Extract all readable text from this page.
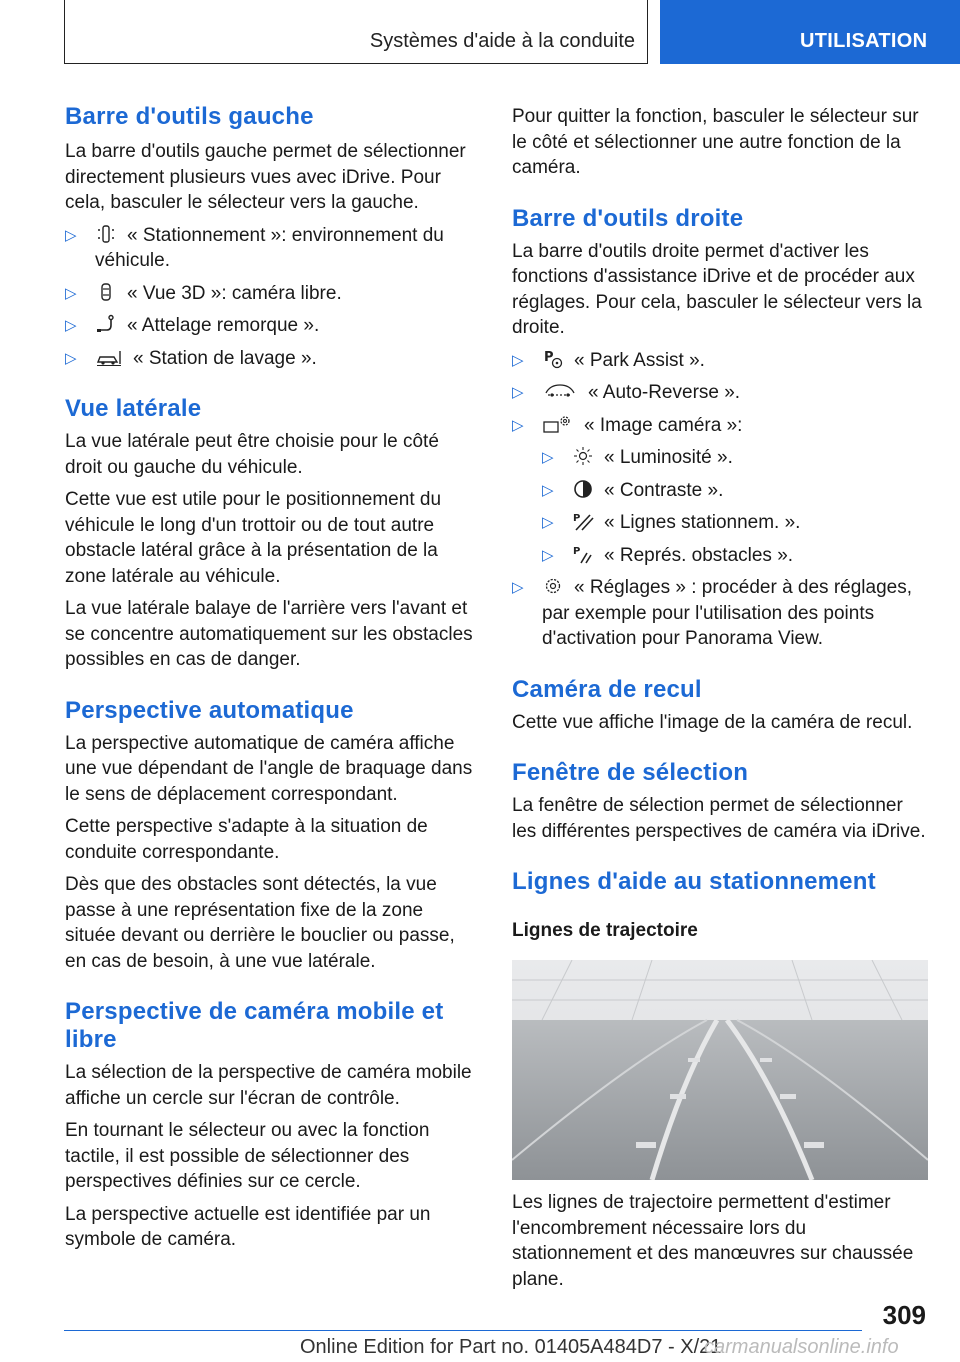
Systèmes d'aide à la conduite	UTILISATION
Barre d'outils gauche

La barre d'outils gauche permet de sélectionner directement plusieurs vues avec iDrive. Pour cela, basculer le sélecteur vers la gauche.

▷	« Stationnement »: environnement du véhicule.
▷	« Vue 3D »: caméra libre.
▷	« Attelage remorque ».
▷	« Station de lavage ».
Vue latérale

La vue latérale peut être choisie pour le côté droit ou gauche du véhicule.

Cette vue est utile pour le positionnement du véhicule le long d'un trottoir ou de tout autre obstacle latéral grâce à la présentation de la zone latérale au véhicule.

La vue latérale balaye de l'arrière vers l'avant et se concentre automatiquement sur les obstacles possibles en cas de danger.

Perspective automatique

La perspective automatique de caméra affiche une vue dépendant de l'angle de braquage dans le sens de déplacement correspondant.

Cette perspective s'adapte à la situation de conduite correspondante.

Dès que des obstacles sont détectés, la vue passe à une représentation fixe de la zone située devant ou derrière le bouclier ou passe, en cas de besoin, à une vue latérale.

Perspective de caméra mobile et libre

La sélection de la perspective de caméra mobile affiche un cercle sur l'écran de contrôle.

En tournant le sélecteur ou avec la fonction tactile, il est possible de sélectionner des perspectives définies sur ce cercle.

La perspective actuelle est identifiée par un symbole de caméra.

Pour quitter la fonction, basculer le sélecteur sur le côté et sélectionner une autre fonction de la caméra.

Barre d'outils droite

La barre d'outils droite permet d'activer les fonctions d'assistance iDrive et de procéder aux réglages. Pour cela, basculer le sélecteur vers la droite.

▷ P « Park Assist ».
▷	« Auto-Reverse ».
▷	« Image caméra »:
▷	« Luminosité ».
▷	« Contraste ».
▷ P « Lignes stationnem. ».
▷ P « Représ. obstacles ».
▷	« Réglages » : procéder à des réglages, par exemple pour l'utilisation des points d'activation pour Panorama View.
Caméra de recul

Cette vue affiche l'image de la caméra de recul.

Fenêtre de sélection

La fenêtre de sélection permet de sélectionner les différentes perspectives de caméra via iDrive.

Lignes d'aide au stationnement
Lignes de trajectoire

Les lignes de trajectoire permettent d'estimer l'encombrement nécessaire lors du stationnement et des manœuvres sur chaussée plane.

309
Online Edition for Part no. 01405A484D7 - X/21
carmanualsonline.info
